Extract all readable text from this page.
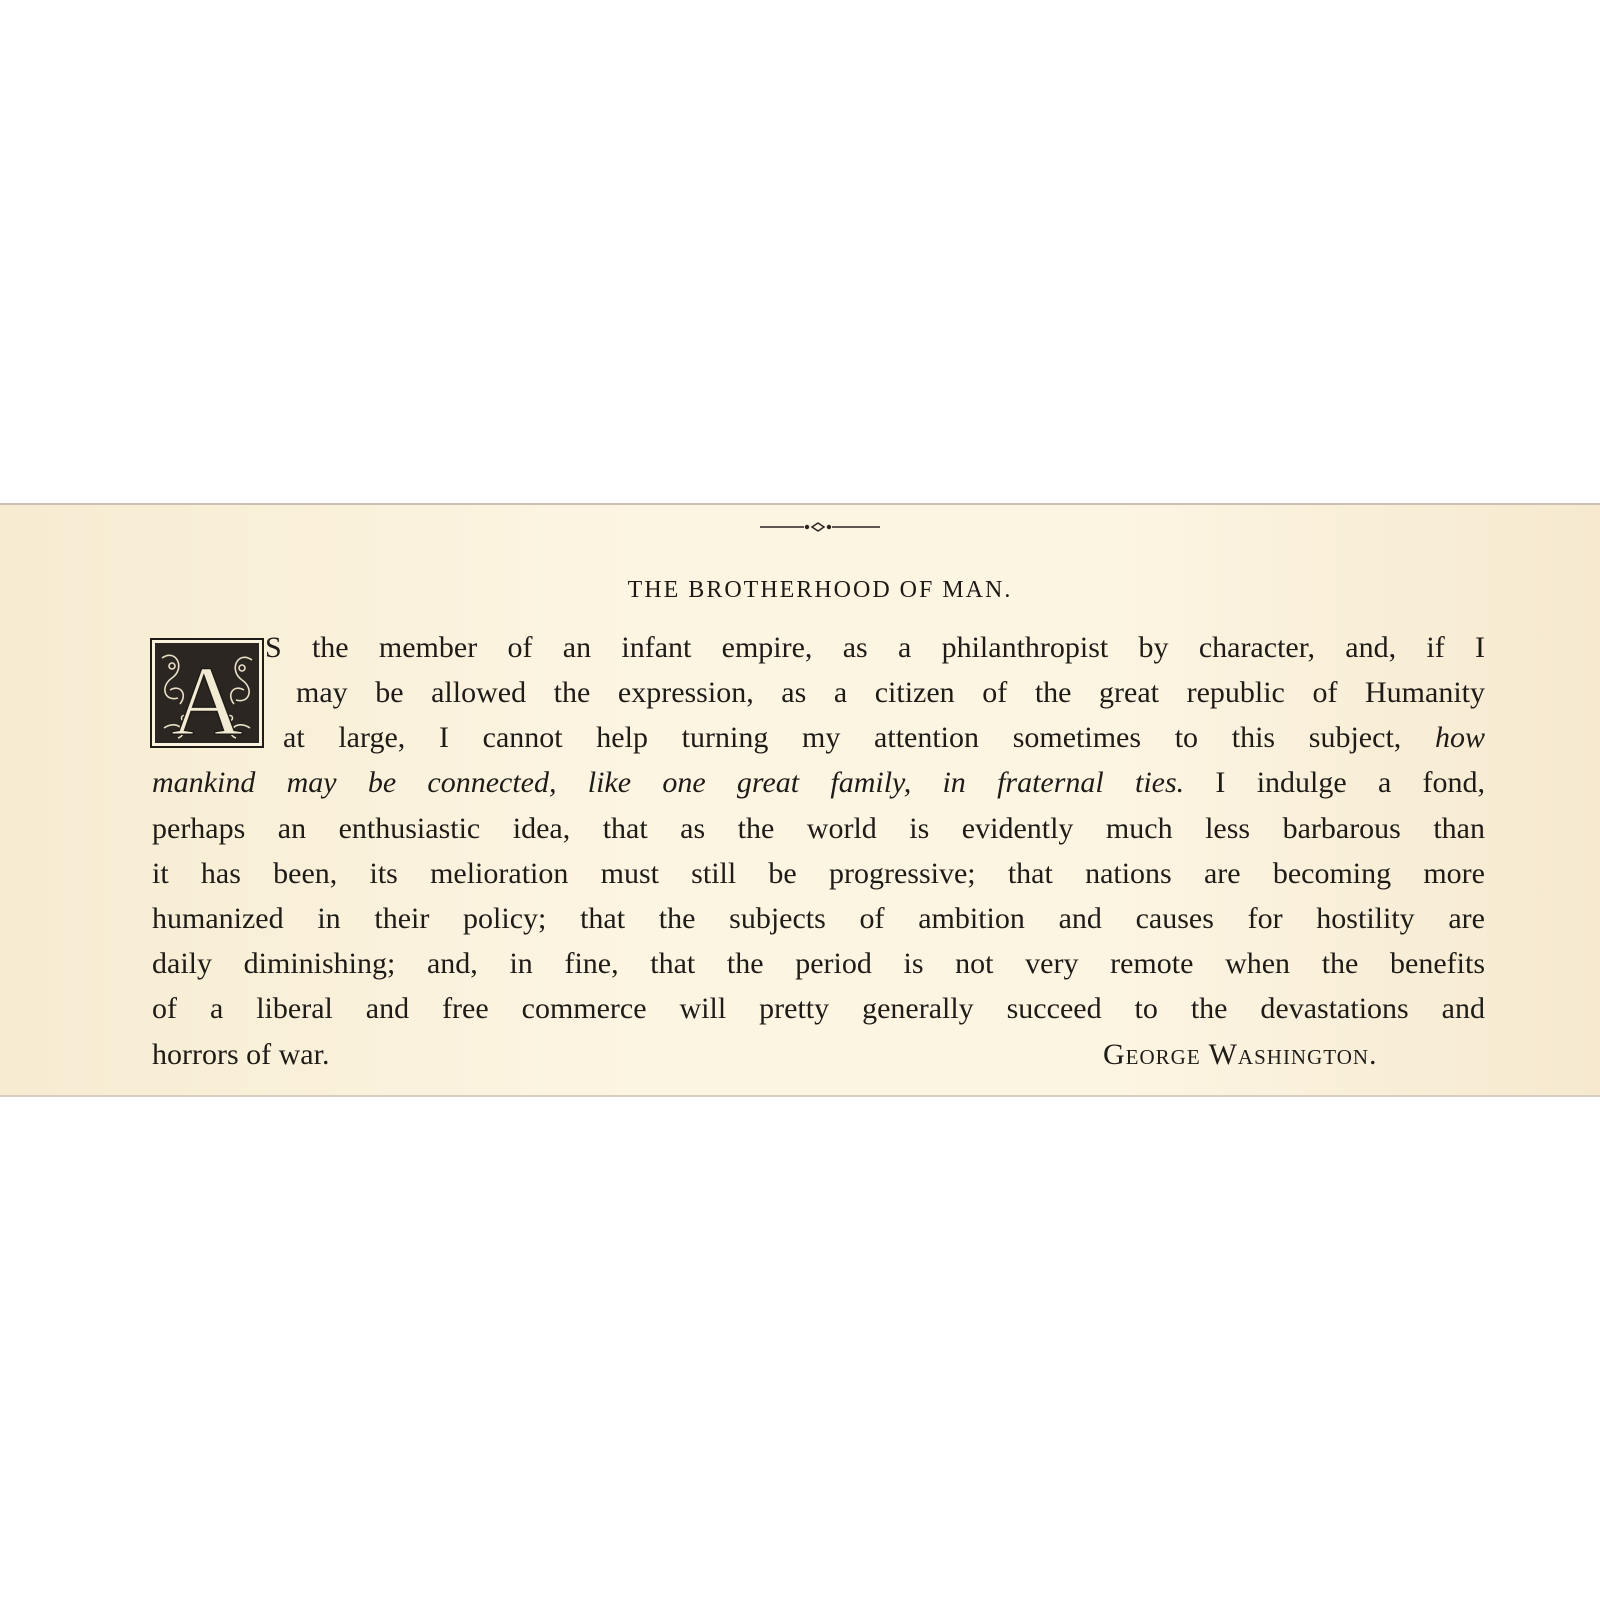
THE BROTHERHOOD OF MAN.
A S the member of an infant empire, as a philanthropist by character, and, if I
may be allowed the expression, as a citizen of the great republic of Humanity
at large, I cannot help turning my attention sometimes to this subject, how
mankind may be connected, like one great family, in fraternal ties. I indulge a fond,
perhaps an enthusiastic idea, that as the world is evidently much less barbarous than
it has been, its melioration must still be progressive; that nations are becoming more
humanized in their policy; that the subjects of ambition and causes for hostility are
daily diminishing; and, in fine, that the period is not very remote when the benefits
of a liberal and free commerce will pretty generally succeed to the devastations and
horrors of war.	George Washington.
